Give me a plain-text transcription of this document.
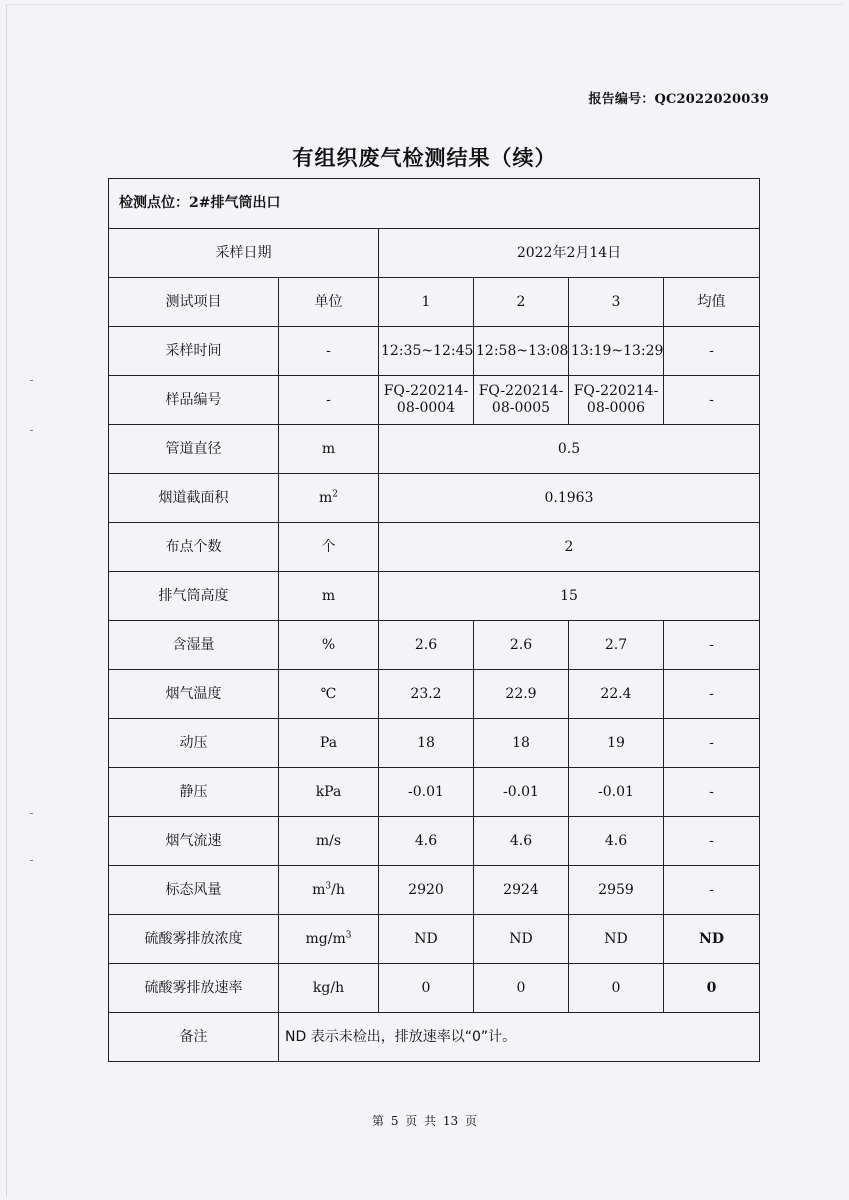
报告编号：QC2022020039
有组织废气检测结果（续）
检测点位：2#排气筒出口					
采样日期		2022年2月14日			
测试项目	单位	1	2	3	均值
采样时间	-	12:35~12:45	12:58~13:08	13:19~13:29	-
样品编号	-	FQ-220214-08-0004	FQ-220214-08-0005	FQ-220214-08-0006	-
管道直径	m	0.5			
烟道截面积	$m^2$	0.1963			
布点个数	个	2			
排气筒高度	m	15			
含湿量	%	2.6	2.6	2.7	-
烟气温度	℃	23.2	22.9	22.4	-
动压	Pa	18	18	19	-
静压	kPa	-0.01	-0.01	-0.01	-
烟气流速	m/s	4.6	4.6	4.6	-
标态风量	$m^3/h$	2920	2924	2959	-
硫酸雾排放浓度	$mg/m^3$	ND	ND	ND	ND
硫酸雾排放速率	kg/h	0	0	0	0
备注	ND 表示未检出，排放速率以“0”计。				
第 5 页 共 13 页
